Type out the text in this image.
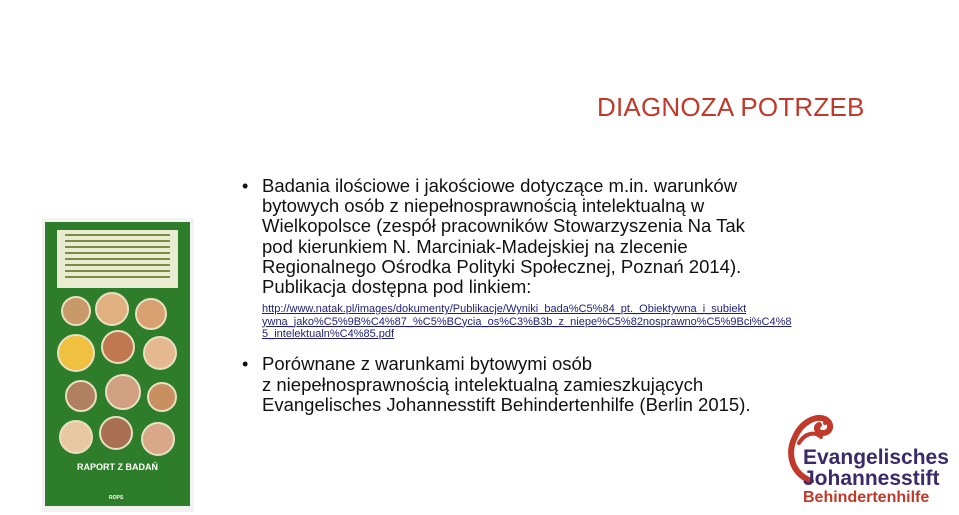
DIAGNOZA POTRZEB
RAPORT Z BADAŃ
ROPS
• Badania ilościowe i jakościowe dotyczące m.in. warunków

bytowych osób z niepełnosprawnością intelektualną w

Wielkopolsce (zespół pracowników Stowarzyszenia Na Tak

pod kierunkiem N. Marciniak-Madejskiej na zlecenie

Regionalnego Ośrodka Polityki Społecznej, Poznań 2014).

Publikacja dostępna pod linkiem:

http://www.natak.pl/images/dokumenty/Publikacje/Wyniki_bada%C5%84_pt._Obiektywna_i_subiekt
ywna_jako%C5%9B%C4%87_%C5%BCycia_os%C3%B3b_z_niepe%C5%82nosprawno%C5%9Bci%C4%8
5_intelektualn%C4%85.pdf
• Porównane z warunkami bytowymi osób

z niepełnosprawnością intelektualną zamieszkujących

Evangelisches Johannesstift Behindertenhilfe (Berlin 2015).

Evangelisches
Johannesstift
Behindertenhilfe
